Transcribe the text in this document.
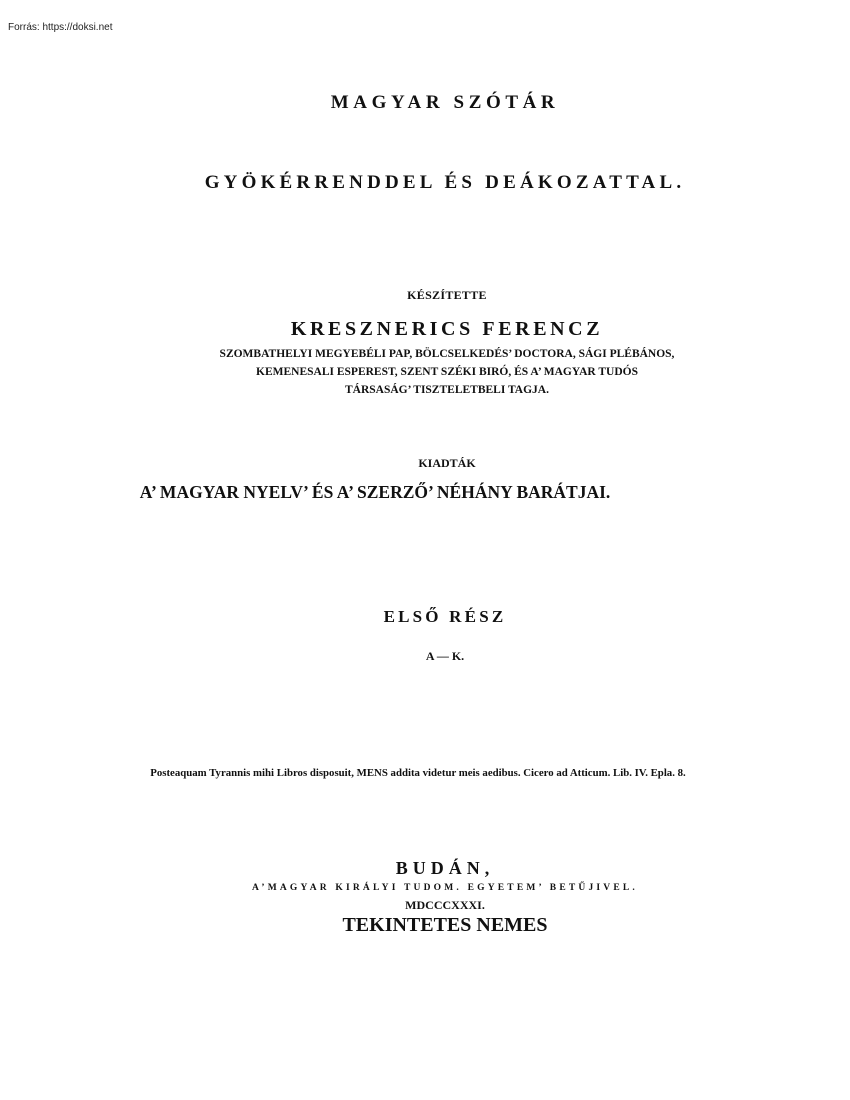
Forrás: https://doksi.net
MAGYAR SZÓTÁR
GYÖKÉRRENDDEL ÉS DEÁKOZATTAL.
KÉSZÍTETTE
KRESZNERICS FERENCZ
SZOMBATHELYI MEGYEBÉLI PAP, BÖLCSELKEDÉS’ DOCTORA, SÁGI PLÉBÁNOS,
KEMENESALI ESPEREST, SZENT SZÉKI BIRÓ, ÉS A’ MAGYAR TUDÓS
TÁRSASÁG’ TISZTELETBELI TAGJA.
KIADTÁK
A’ MAGYAR NYELV’ ÉS A’ SZERZŐ’ NÉHÁNY BARÁTJAI.
ELSŐ RÉSZ
A — K.
Posteaquam Tyrannis mihi Libros disposuit, MENS addita videtur meis aedibus. Cicero ad Atticum. Lib. IV. Epla. 8.
BUDÁN,
A’MAGYAR KIRÁLYI TUDOM. EGYETEM’ BETŰJIVEL.
MDCCCXXXI.
TEKINTETES NEMES
